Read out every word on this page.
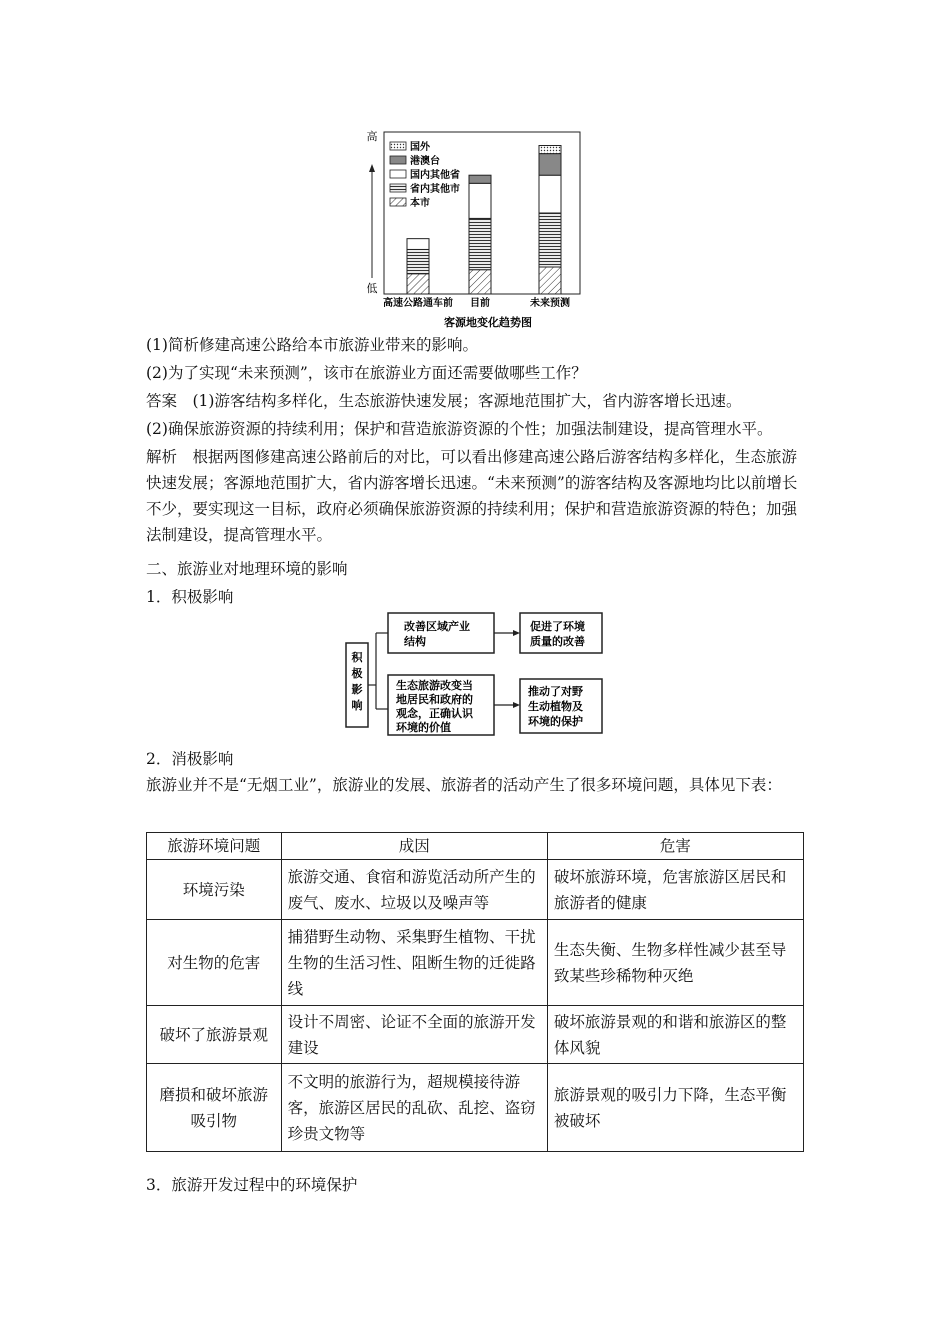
高
低
国外
港澳台
国内其他省
省内其他市
本市
高速公路通车前 目前	未来预测
客源地变化趋势图
(1)简析修建高速公路给本市旅游业带来的影响。
(2)为了实现“未来预测”，该市在旅游业方面还需要做哪些工作？
答案　(1)游客结构多样化，生态旅游快速发展；客源地范围扩大，省内游客增长迅速。
(2)确保旅游资源的持续利用；保护和营造旅游资源的个性；加强法制建设，提高管理水平。
解析　根据两图修建高速公路前后的对比，可以看出修建高速公路后游客结构多样化，生态旅游快速发展；客源地范围扩大，省内游客增长迅速。“未来预测”的游客结构及客源地均比以前增长不少，要实现这一目标，政府必须确保旅游资源的持续利用；保护和营造旅游资源的特色；加强法制建设，提高管理水平。
二、旅游业对地理环境的影响
1．积极影响
积
极
影
响
改善区域产业
结构
促进了环境
质量的改善
生态旅游改变当
地居民和政府的
观念，正确认识
环境的价值
推动了对野
生动植物及
环境的保护
2．消极影响
旅游业并不是“无烟工业”，旅游业的发展、旅游者的活动产生了很多环境问题，具体见下表：
旅游环境问题	成因	危害
环境污染	旅游交通、食宿和游览活动所产生的废气、废水、垃圾以及噪声等	破坏旅游环境，危害旅游区居民和旅游者的健康
对生物的危害	捕猎野生动物、采集野生植物、干扰生物的生活习性、阻断生物的迁徙路线	生态失衡、生物多样性减少甚至导致某些珍稀物种灭绝
破坏了旅游景观	设计不周密、论证不全面的旅游开发建设	破坏旅游景观的和谐和旅游区的整体风貌
磨损和破坏旅游吸引物	不文明的旅游行为，超规模接待游客，旅游区居民的乱砍、乱挖、盗窃珍贵文物等	旅游景观的吸引力下降，生态平衡被破坏
3．旅游开发过程中的环境保护
